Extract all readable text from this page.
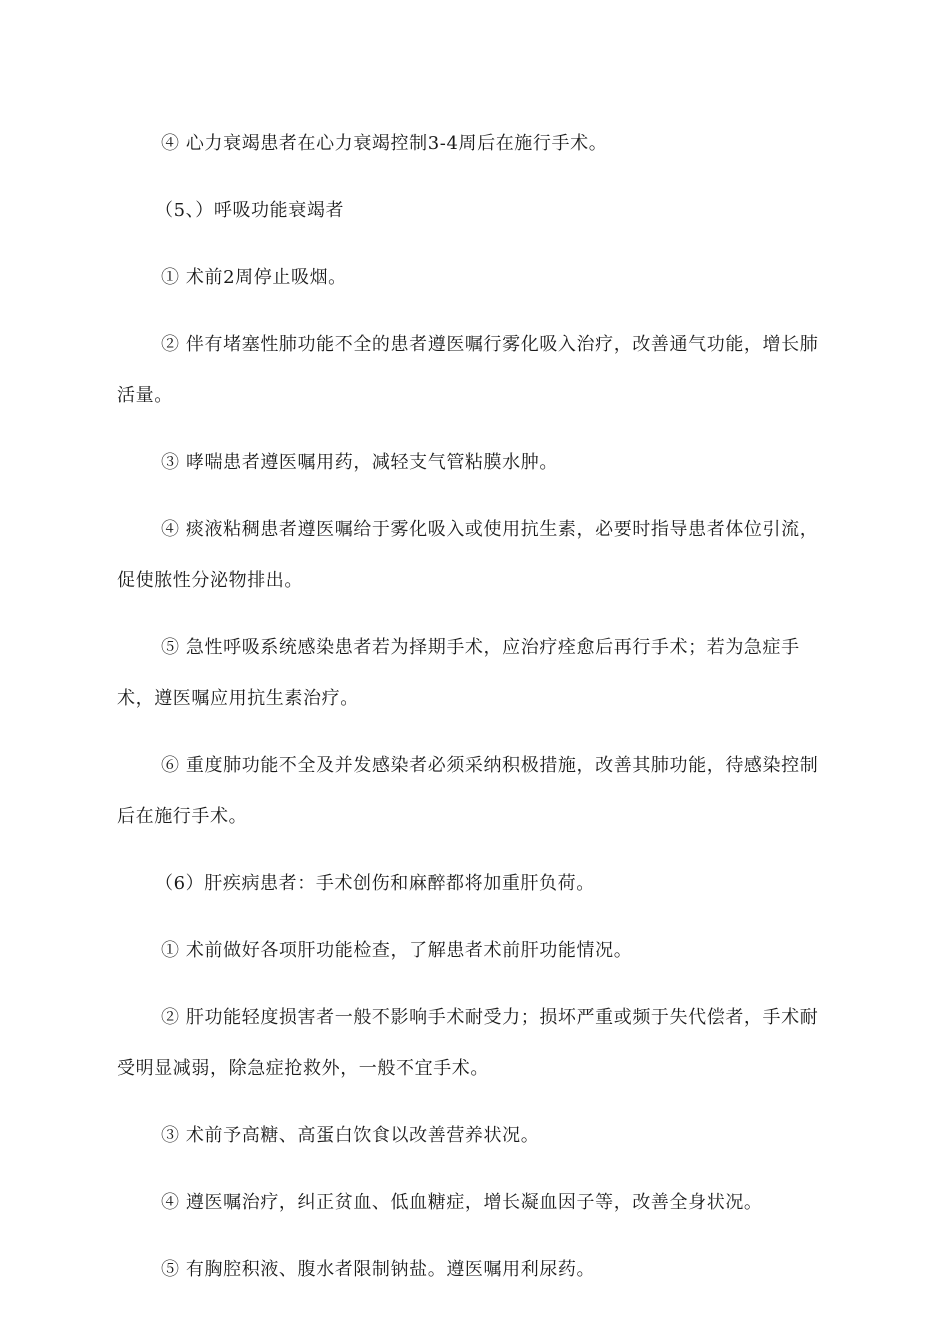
④ 心力衰竭患者在心力衰竭控制3-4周后在施行手术。

（5、）呼吸功能衰竭者

① 术前2周停止吸烟。

② 伴有堵塞性肺功能不全的患者遵医嘱行雾化吸入治疗，改善通气功能，增长肺活量。

③ 哮喘患者遵医嘱用药，减轻支气管粘膜水肿。

④ 痰液粘稠患者遵医嘱给于雾化吸入或使用抗生素，必要时指导患者体位引流，促使脓性分泌物排出。

⑤ 急性呼吸系统感染患者若为择期手术，应治疗痊愈后再行手术；若为急症手术，遵医嘱应用抗生素治疗。

⑥ 重度肺功能不全及并发感染者必须采纳积极措施，改善其肺功能，待感染控制后在施行手术。

（6）肝疾病患者：手术创伤和麻醉都将加重肝负荷。

① 术前做好各项肝功能检查，了解患者术前肝功能情况。

② 肝功能轻度损害者一般不影响手术耐受力；损坏严重或频于失代偿者，手术耐受明显减弱，除急症抢救外，一般不宜手术。

③ 术前予高糖、高蛋白饮食以改善营养状况。

④ 遵医嘱治疗，纠正贫血、低血糖症，增长凝血因子等，改善全身状况。

⑤ 有胸腔积液、腹水者限制钠盐。遵医嘱用利尿药。
